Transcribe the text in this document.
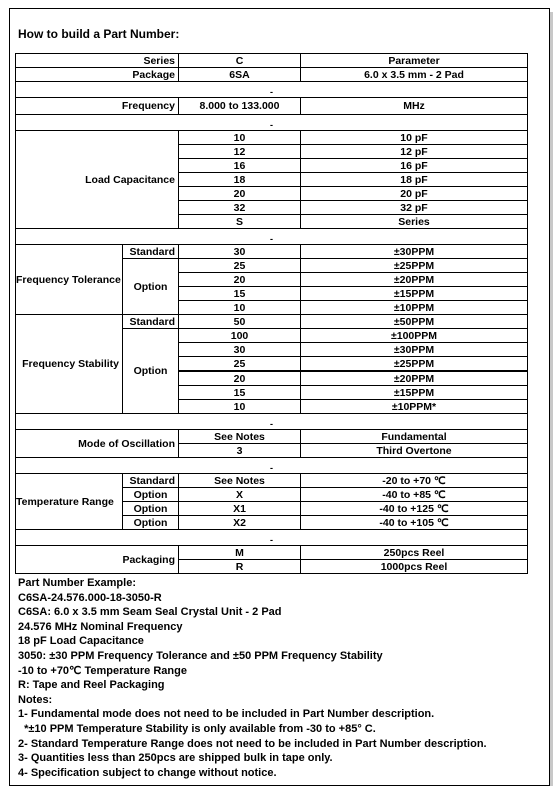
How to build a Part Number:
Series		C	Parameter
Package		6SA	6.0 x 3.5 mm - 2 Pad
-			
Frequency		8.000 to 133.000	MHz
-			
Load Capacitance		10	10 pF
		12	12 pF
		16	16 pF
		18	18 pF
		20	20 pF
		32	32 pF
		S	Series
-			
Frequency Tolerance	Standard	30	±30PPM
	Option	25	±25PPM
		20	±20PPM
		15	±15PPM
		10	±10PPM
Frequency Stability	Standard	50	±50PPM
	Option	100	±100PPM
		30	±30PPM
		25	±25PPM
		20	±20PPM
		15	±15PPM
		10	±10PPM*
-			
Mode of Oscillation		See Notes	Fundamental
		3	Third Overtone
-			
Temperature Range	Standard	See Notes	-20 to +70 ℃
	Option	X	-40 to +85 ℃
	Option	X1	-40 to +125 ℃
	Option	X2	-40 to +105 ℃
-			
Packaging		M	250pcs Reel
		R	1000pcs Reel
Part Number Example:
C6SA-24.576.000-18-3050-R
C6SA: 6.0 x 3.5 mm Seam Seal Crystal Unit - 2 Pad
24.576 MHz Nominal Frequency
18 pF Load Capacitance
3050: ±30 PPM Frequency Tolerance and ±50 PPM Frequency Stability
-10 to +70℃ Temperature Range
R: Tape and Reel Packaging
Notes:
1- Fundamental mode does not need to be included in Part Number description.
*±10 PPM Temperature Stability is only available from -30 to +85° C.
2- Standard Temperature Range does not need to be included in Part Number description.
3- Quantities less than 250pcs are shipped bulk in tape only.
4- Specification subject to change without notice.
